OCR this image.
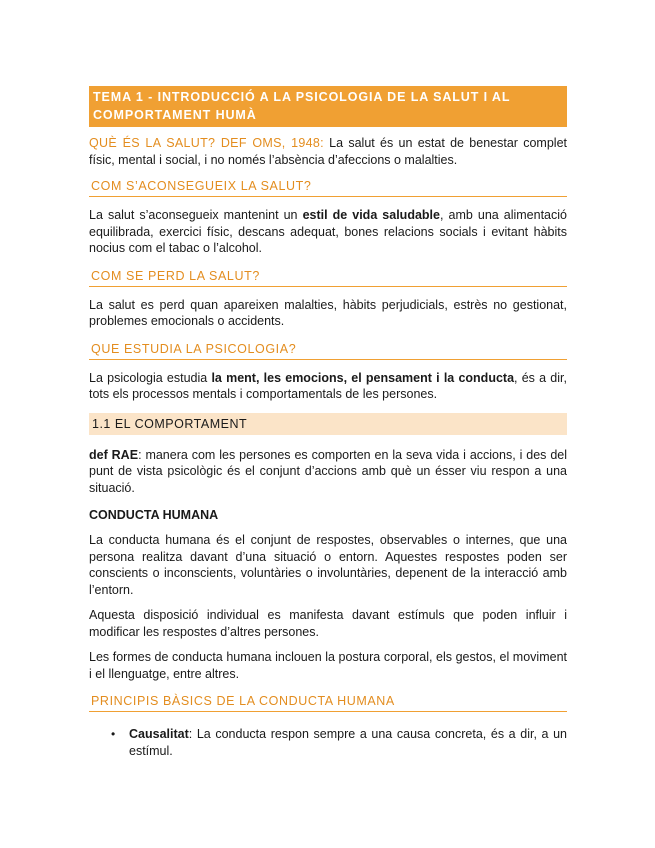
TEMA 1 - INTRODUCCIÓ A LA PSICOLOGIA DE LA SALUT I AL
COMPORTAMENT HUMÀ

QUÈ ÉS LA SALUT? DEF OMS, 1948: La salut és un estat de benestar complet físic, mental i social, i no només l’absència d’afeccions o malalties.

COM S’ACONSEGUEIX LA SALUT?

La salut s’aconsegueix mantenint un estil de vida saludable, amb una alimentació equilibrada, exercici físic, descans adequat, bones relacions socials i evitant hàbits nocius com el tabac o l’alcohol.

COM SE PERD LA SALUT?

La salut es perd quan apareixen malalties, hàbits perjudicials, estrès no gestionat, problemes emocionals o accidents.

QUE ESTUDIA LA PSICOLOGIA?

La psicologia estudia la ment, les emocions, el pensament i la conducta, és a dir, tots els processos mentals i comportamentals de les persones.

1.1 EL COMPORTAMENT

def RAE: manera com les persones es comporten en la seva vida i accions, i des del punt de vista psicològic és el conjunt d’accions amb què un ésser viu respon a una situació.

CONDUCTA HUMANA

La conducta humana és el conjunt de respostes, observables o internes, que una persona realitza davant d’una situació o entorn. Aquestes respostes poden ser conscients o inconscients, voluntàries o involuntàries, depenent de la interacció amb l’entorn.

Aquesta disposició individual es manifesta davant estímuls que poden influir i modificar les respostes d’altres persones.

Les formes de conducta humana inclouen la postura corporal, els gestos, el moviment i el llenguatge, entre altres.

PRINCIPIS BÀSICS DE LA CONDUCTA HUMANA
• Causalitat: La conducta respon sempre a una causa concreta, és a dir, a un estímul.
